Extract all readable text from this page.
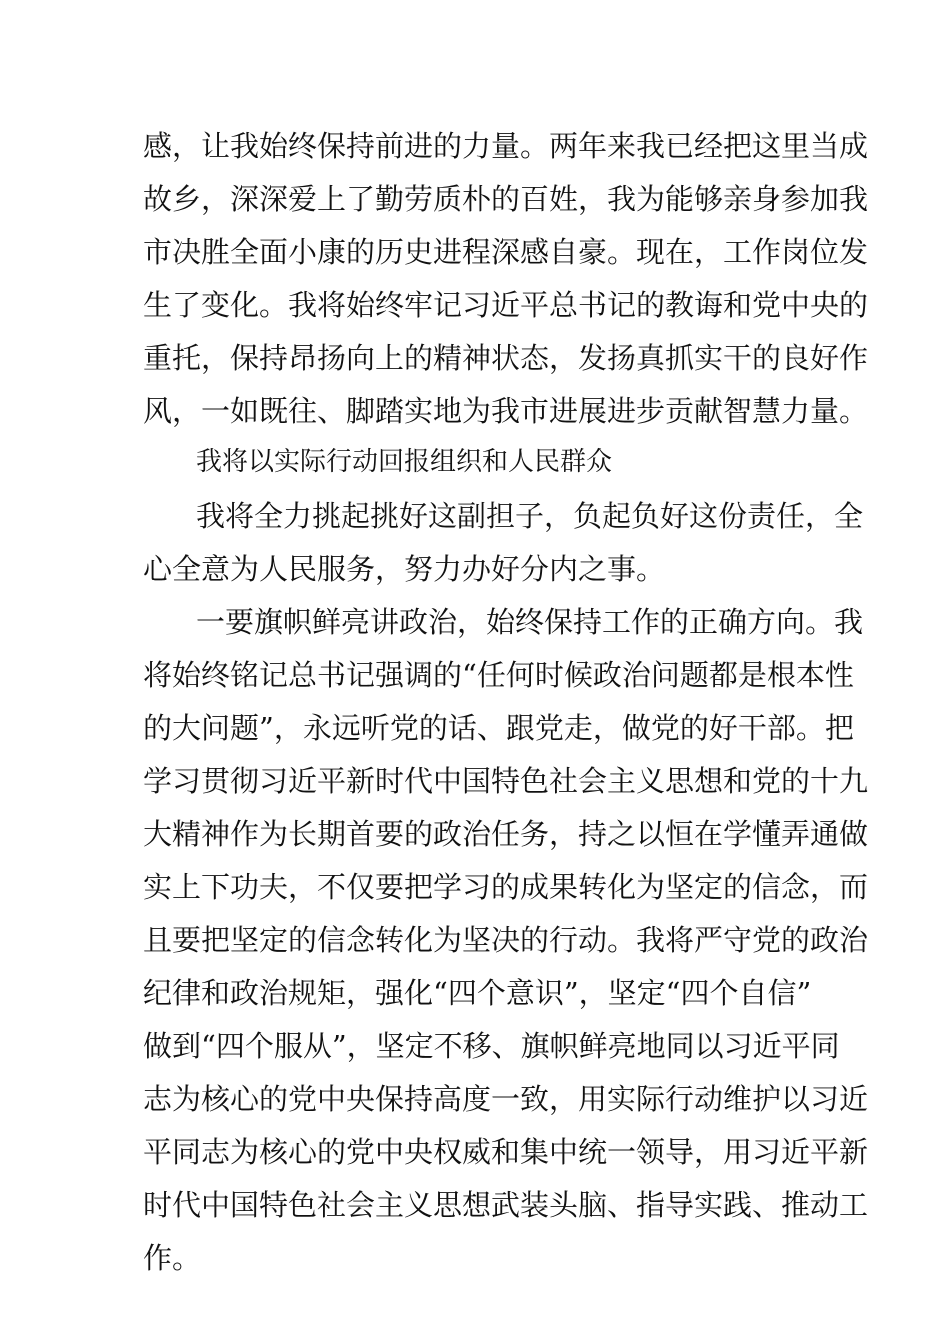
感，让我始终保持前进的力量。两年来我已经把这里当成
故乡，深深爱上了勤劳质朴的百姓，我为能够亲身参加我
市决胜全面小康的历史进程深感自豪。现在，工作岗位发
生了变化。我将始终牢记习近平总书记的教诲和党中央的
重托，保持昂扬向上的精神状态，发扬真抓实干的良好作
风，一如既往、脚踏实地为我市进展进步贡献智慧力量。
我将以实际行动回报组织和人民群众
我将全力挑起挑好这副担子，负起负好这份责任，全
心全意为人民服务，努力办好分内之事。
一要旗帜鲜亮讲政治，始终保持工作的正确方向。我
将始终铭记总书记强调的“任何时候政治问题都是根本性
的大问题”，永远听党的话、跟党走，做党的好干部。把
学习贯彻习近平新时代中国特色社会主义思想和党的十九
大精神作为长期首要的政治任务，持之以恒在学懂弄通做
实上下功夫，不仅要把学习的成果转化为坚定的信念，而
且要把坚定的信念转化为坚决的行动。我将严守党的政治
纪律和政治规矩，强化“四个意识”，坚定“四个自信”
做到“四个服从”，坚定不移、旗帜鲜亮地同以习近平同
志为核心的党中央保持高度一致，用实际行动维护以习近
平同志为核心的党中央权威和集中统一领导，用习近平新
时代中国特色社会主义思想武装头脑、指导实践、推动工
作。
